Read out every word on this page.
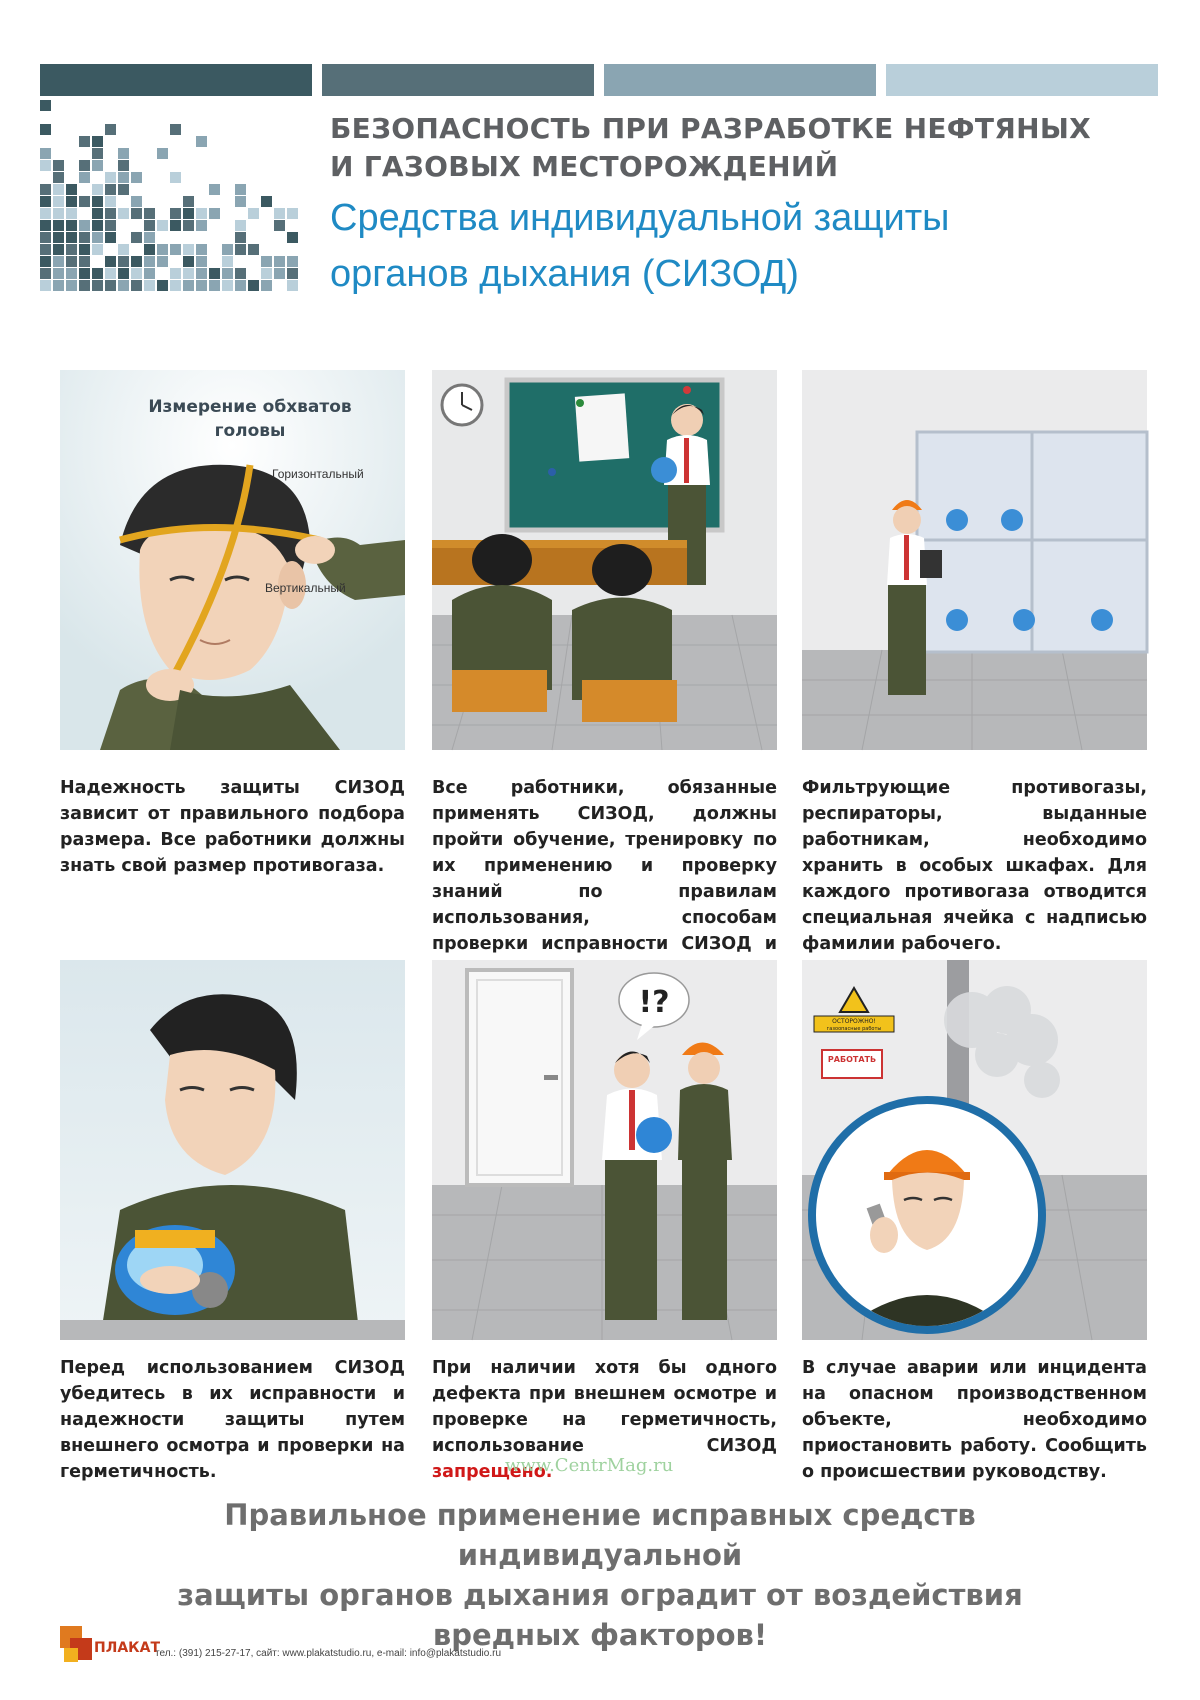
БЕЗОПАСНОСТЬ ПРИ РАЗРАБОТКЕ НЕФТЯНЫХ
И ГАЗОВЫХ МЕСТОРОЖДЕНИЙ
Средства индивидуальной защиты
органов дыхания (СИЗОД)
Измерение обхватов
головы
Горизонтальный
Вертикальный
Надежность защиты СИЗОД зависит от правильного подбора размера. Все работники должны знать свой размер противогаза.
Все работники, обязанные применять СИЗОД, должны пройти обучение, тренировку по их применению и проверку знаний по правилам использования, способам проверки исправности СИЗОД и
Фильтрующие противогазы, респираторы, выданные работникам, необходимо хранить в особых шкафах. Для каждого противогаза отводится специальная ячейка с надписью фамилии рабочего.
!?
ОСТОРОЖНО!
газоопасные работы
РАБОТАТЬ
Перед использованием СИЗОД убедитесь в их исправности и надежности защиты путем внешнего осмотра и проверки на герметичность.
При наличии хотя бы одного дефекта при внешнем осмотре и проверке на герметичность, использование СИЗОД запрещено.
В случае аварии или инцидента на опасном производственном объекте, необходимо приостановить работу. Сообщить о происшествии руководству.
www.CentrMag.ru
Правильное применение исправных средств индивидуальной
защиты органов дыхания оградит от воздействия
вредных факторов!
ПЛАКАТ
тел.: (391) 215-27-17, сайт: www.plakatstudio.ru, e-mail: info@plakatstudio.ru
